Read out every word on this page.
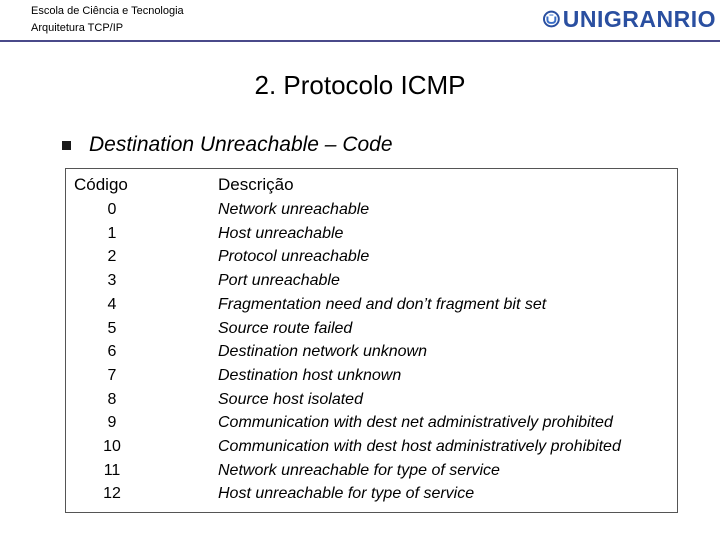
Escola de Ciência e Tecnologia
Arquitetura TCP/IP	UNIGRANRIO
2. Protocolo ICMP
Destination Unreachable – Code
Código	Descrição
0	Network unreachable
1	Host unreachable
2	Protocol unreachable
3	Port unreachable
4	Fragmentation need and don’t fragment bit set
5	Source route failed
6	Destination network unknown
7	Destination host unknown
8	Source host isolated
9	Communication with dest net administratively prohibited
10	Communication with dest host administratively prohibited
11	Network unreachable for type of service
12	Host unreachable for type of service
